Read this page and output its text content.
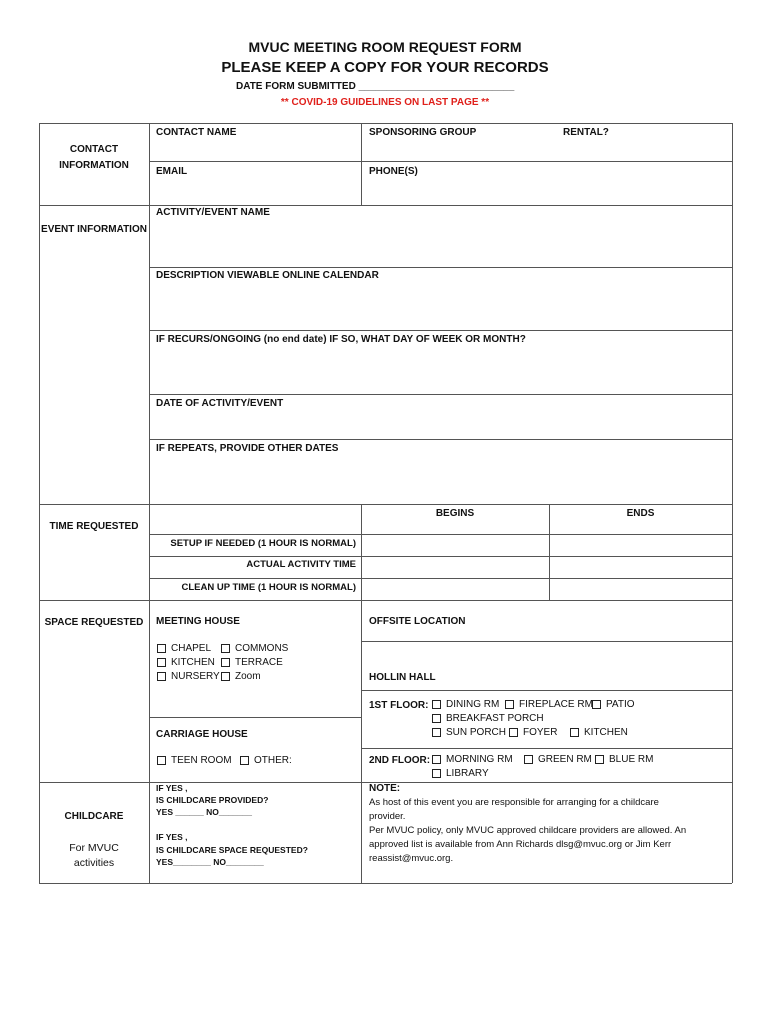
MVUC MEETING ROOM REQUEST FORM
PLEASE KEEP A COPY FOR YOUR RECORDS
DATE FORM SUBMITTED ____________________________
** COVID-19 GUIDELINES ON LAST PAGE **
CONTACT INFORMATION
CONTACT NAME	SPONSORING GROUP	RENTAL?
EMAIL	PHONE(S)
EVENT INFORMATION
ACTIVITY/EVENT NAME
DESCRIPTION VIEWABLE ONLINE CALENDAR
IF RECURS/ONGOING (no end date) IF SO, WHAT DAY OF WEEK OR MONTH?
DATE OF ACTIVITY/EVENT
IF REPEATS, PROVIDE OTHER DATES
TIME REQUESTED
BEGINS	ENDS
SETUP IF NEEDED (1 HOUR IS NORMAL)
ACTUAL ACTIVITY TIME
CLEAN UP TIME (1 HOUR IS NORMAL)
SPACE REQUESTED	MEETING HOUSE
CHAPEL COMMONS
KITCHEN TERRACE
NURSERY Zoom
CARRIAGE HOUSE
TEEN ROOM OTHER:
OFFSITE LOCATION
HOLLIN HALL
1ST FLOOR: DINING RM FIREPLACE RM PATIO
BREAKFAST PORCH
SUN PORCH FOYER	KITCHEN
2ND FLOOR: MORNING RM	GREEN RM BLUE RM
LIBRARY
CHILDCARE
For MVUC
activities
IF YES ,
IS CHILDCARE PROVIDED?
YES ______ NO_______
IF YES ,
IS CHILDCARE SPACE REQUESTED?
YES________ NO________
NOTE:
As host of this event you are responsible for arranging for a childcare
provider.
Per MVUC policy, only MVUC approved childcare providers are allowed. An
approved list is available from Ann Richards dlsg@mvuc.org or Jim Kerr
reassist@mvuc.org.
